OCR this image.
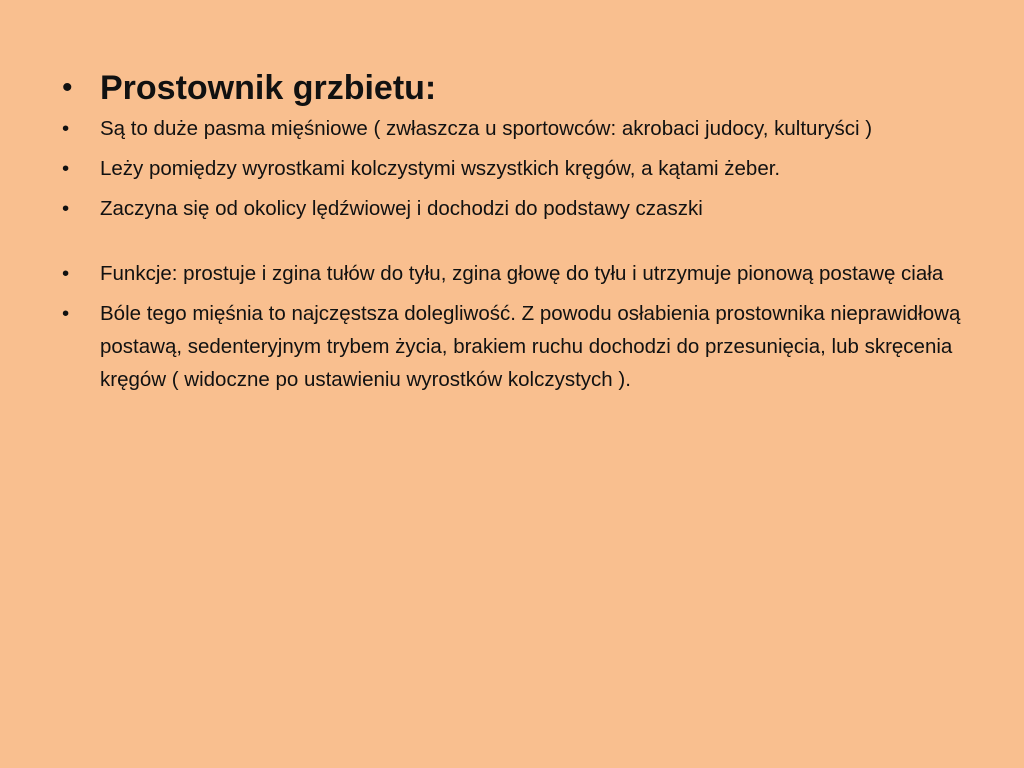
• Prostownik grzbietu:
•	Są to duże pasma mięśniowe ( zwłaszcza u sportowców: akrobaci judocy, kulturyści )
•	Leży pomiędzy wyrostkami kolczystymi wszystkich kręgów, a kątami żeber.
•	Zaczyna się od okolicy lędźwiowej i dochodzi do podstawy czaszki
•	Funkcje: prostuje i zgina tułów do tyłu, zgina głowę do tyłu i utrzymuje pionową postawę ciała
•	Bóle tego mięśnia to najczęstsza dolegliwość. Z powodu osłabienia prostownika nieprawidłową postawą, sedenteryjnym trybem życia, brakiem ruchu dochodzi do przesunięcia, lub skręcenia kręgów ( widoczne po ustawieniu wyrostków kolczystych ).
